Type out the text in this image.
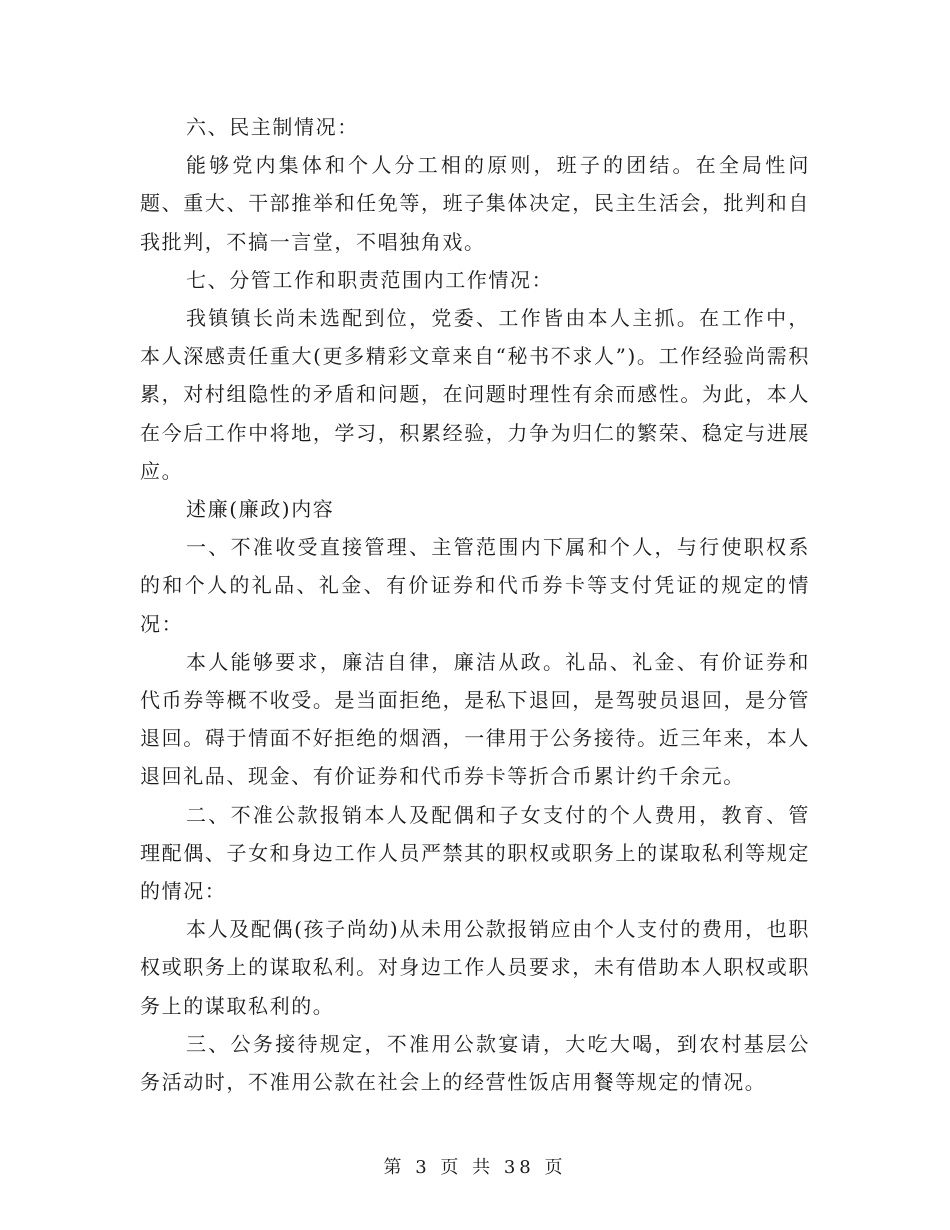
六、民主制情况：

能够党内集体和个人分工相的原则，班子的团结。在全局性问题、重大、干部推举和任免等，班子集体决定，民主生活会，批判和自我批判，不搞一言堂，不唱独角戏。

七、分管工作和职责范围内工作情况：

我镇镇长尚未选配到位，党委、工作皆由本人主抓。在工作中，本人深感责任重大(更多精彩文章来自“秘书不求人”)。工作经验尚需积累，对村组隐性的矛盾和问题，在问题时理性有余而感性。为此，本人在今后工作中将地，学习，积累经验，力争为归仁的繁荣、稳定与进展应。

述廉(廉政)内容

一、不准收受直接管理、主管范围内下属和个人，与行使职权系的和个人的礼品、礼金、有价证券和代币券卡等支付凭证的规定的情况：

本人能够要求，廉洁自律，廉洁从政。礼品、礼金、有价证券和代币券等概不收受。是当面拒绝，是私下退回，是驾驶员退回，是分管退回。碍于情面不好拒绝的烟酒，一律用于公务接待。近三年来，本人退回礼品、现金、有价证券和代币券卡等折合币累计约千余元。

二、不准公款报销本人及配偶和子女支付的个人费用，教育、管理配偶、子女和身边工作人员严禁其的职权或职务上的谋取私利等规定的情况：

本人及配偶(孩子尚幼)从未用公款报销应由个人支付的费用，也职权或职务上的谋取私利。对身边工作人员要求，未有借助本人职权或职务上的谋取私利的。

三、公务接待规定，不准用公款宴请，大吃大喝，到农村基层公务活动时，不准用公款在社会上的经营性饭店用餐等规定的情况。

第 3 页 共 38 页
